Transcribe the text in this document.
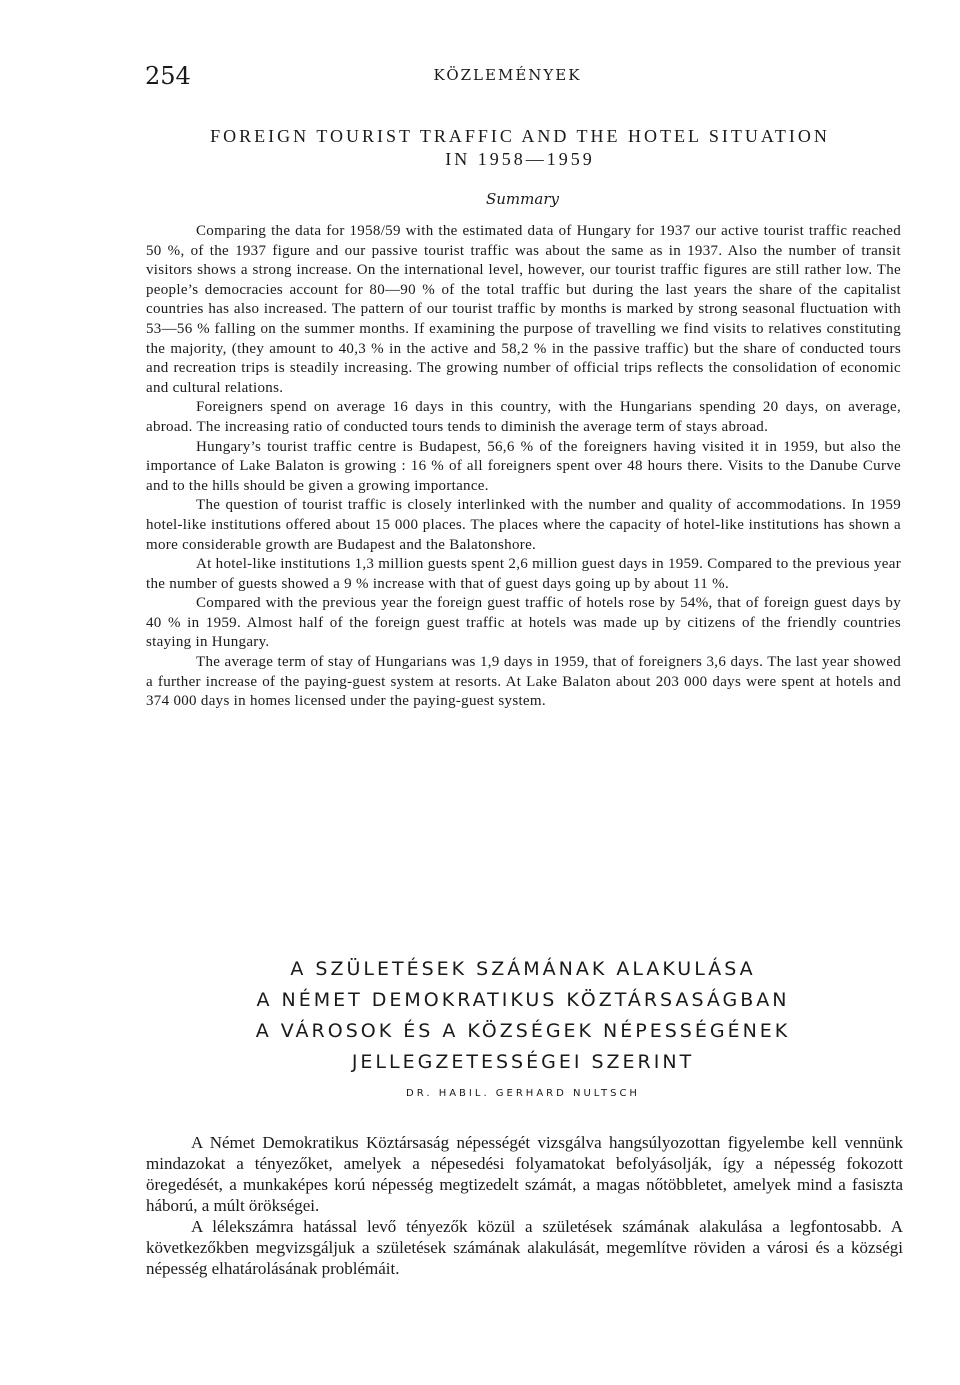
254	KÖZLEMÉNYEK
FOREIGN TOURIST TRAFFIC AND THE HOTEL SITUATION
IN 1958—1959
Summary

Comparing the data for 1958/59 with the estimated data of Hungary for 1937 our active tourist traffic reached 50 %, of the 1937 figure and our passive tourist traffic was about the same as in 1937. Also the number of transit visitors shows a strong increase. On the international level, however, our tourist traffic figures are still rather low. The people’s democracies account for 80—90 % of the total traffic but during the last years the share of the capitalist countries has also increased. The pattern of our tourist traffic by months is marked by strong seasonal fluctuation with 53—56 % falling on the summer months. If examining the purpose of travelling we find visits to relatives constituting the majority, (they amount to 40,3 % in the active and 58,2 % in the passive traffic) but the share of conducted tours and recreation trips is steadily increasing. The growing number of official trips reflects the consolidation of economic and cultural relations.

Foreigners spend on average 16 days in this country, with the Hungarians spending 20 days, on average, abroad. The increasing ratio of conducted tours tends to diminish the average term of stays abroad.

Hungary’s tourist traffic centre is Budapest, 56,6 % of the foreigners having visited it in 1959, but also the importance of Lake Balaton is growing : 16 % of all foreigners spent over 48 hours there. Visits to the Danube Curve and to the hills should be given a growing importance.

The question of tourist traffic is closely interlinked with the number and quality of accommodations. In 1959 hotel-like institutions offered about 15 000 places. The places where the capacity of hotel-like institutions has shown a more considerable growth are Budapest and the Balatonshore.

At hotel-like institutions 1,3 million guests spent 2,6 million guest days in 1959. Compared to the previous year the number of guests showed a 9 % increase with that of guest days going up by about 11 %.

Compared with the previous year the foreign guest traffic of hotels rose by 54%, that of foreign guest days by 40 % in 1959. Almost half of the foreign guest traffic at hotels was made up by citizens of the friendly countries staying in Hungary.

The average term of stay of Hungarians was 1,9 days in 1959, that of foreigners 3,6 days. The last year showed a further increase of the paying-guest system at resorts. At Lake Balaton about 203 000 days were spent at hotels and 374 000 days in homes licensed under the paying-guest system.

A SZÜLETÉSEK SZÁMÁNAK ALAKULÁSA
A NÉMET DEMOKRATIKUS KÖZTÁRSASÁGBAN
A VÁROSOK ÉS A KÖZSÉGEK NÉPESSÉGÉNEK
JELLEGZETESSÉGEI SZERINT
DR. HABIL. GERHARD NULTSCH

A Német Demokratikus Köztársaság népességét vizsgálva hangsúlyozottan figyelembe kell vennünk mindazokat a tényezőket, amelyek a népesedési folyamatokat befolyásolják, így a népesség fokozott öregedését, a munkaképes korú népesség megtizedelt számát, a magas nőtöbbletet, amelyek mind a fasiszta háború, a múlt örökségei.

A lélekszámra hatással levő tényezők közül a születések számának alakulása a legfontosabb. A következőkben megvizsgáljuk a születések számának alakulását, megemlítve röviden a városi és a községi népesség elhatárolásának problémáit.
